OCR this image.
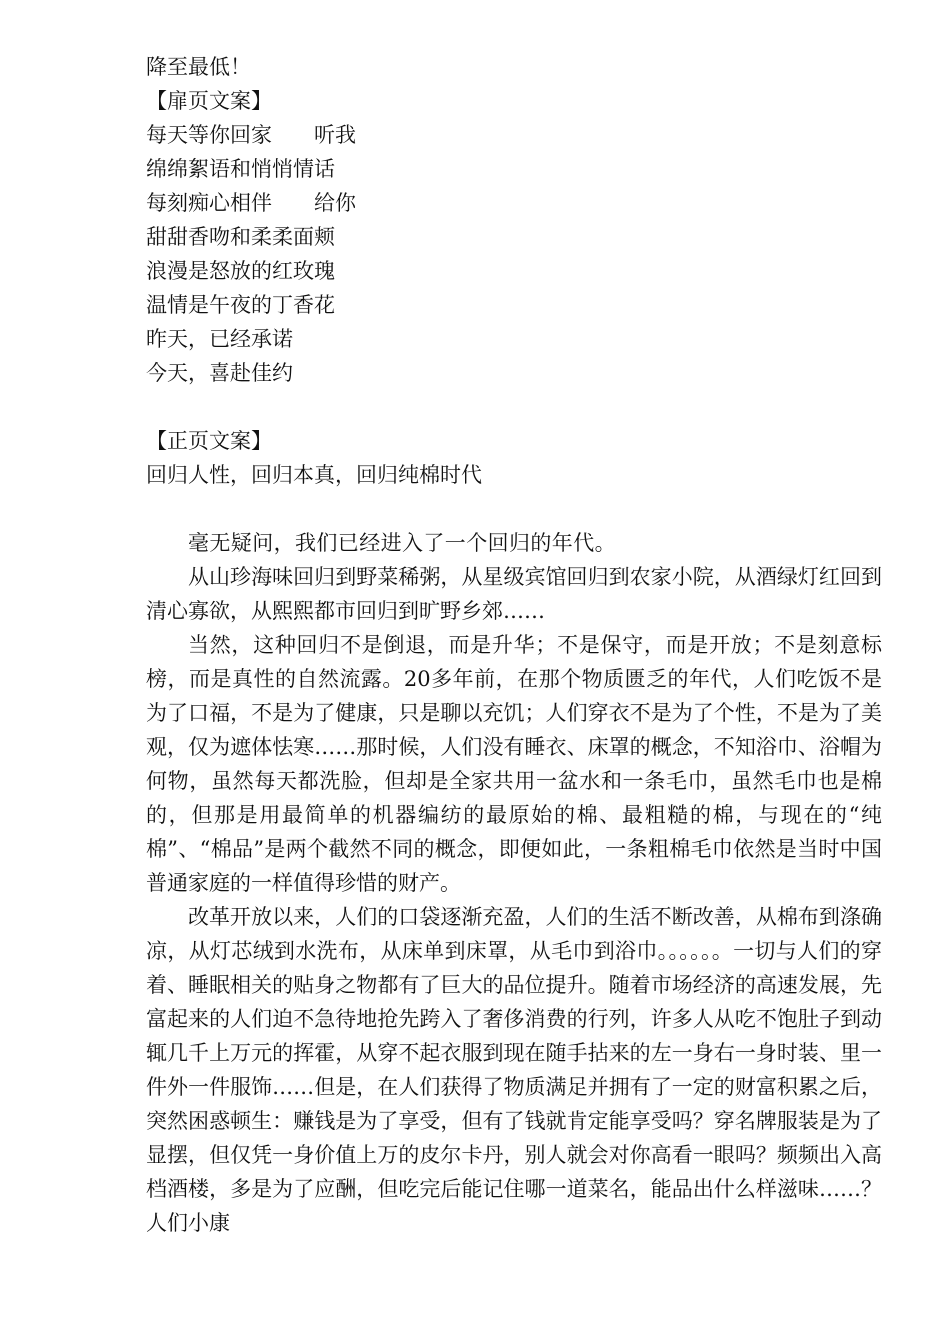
降至最低！
【扉页文案】
每天等你回家　　听我
绵绵絮语和悄悄情话
每刻痴心相伴　　给你
甜甜香吻和柔柔面颊
浪漫是怒放的红玫瑰
温情是午夜的丁香花
昨天，已经承诺
今天，喜赴佳约
【正页文案】
回归人性，回归本真，回归纯棉时代

毫无疑问，我们已经进入了一个回归的年代。

从山珍海味回归到野菜稀粥，从星级宾馆回归到农家小院，从酒绿灯红回到清心寡欲，从熙熙都市回归到旷野乡郊……

当然，这种回归不是倒退，而是升华；不是保守，而是开放；不是刻意标榜，而是真性的自然流露。20多年前，在那个物质匮乏的年代，人们吃饭不是为了口福，不是为了健康，只是聊以充饥；人们穿衣不是为了个性，不是为了美观，仅为遮体怯寒……那时候，人们没有睡衣、床罩的概念，不知浴巾、浴帽为何物，虽然每天都洗脸，但却是全家共用一盆水和一条毛巾，虽然毛巾也是棉的，但那是用最简单的机器编纺的最原始的棉、最粗糙的棉，与现在的“纯棉”、“棉品”是两个截然不同的概念，即便如此，一条粗棉毛巾依然是当时中国普通家庭的一样值得珍惜的财产。

改革开放以来，人们的口袋逐渐充盈，人们的生活不断改善，从棉布到涤确凉，从灯芯绒到水洗布，从床单到床罩，从毛巾到浴巾。。。。。。一切与人们的穿着、睡眠相关的贴身之物都有了巨大的品位提升。随着市场经济的高速发展，先富起来的人们迫不急待地抢先跨入了奢侈消费的行列，许多人从吃不饱肚子到动辄几千上万元的挥霍，从穿不起衣服到现在随手拈来的左一身右一身时装、里一件外一件服饰……但是，在人们获得了物质满足并拥有了一定的财富积累之后，突然困惑顿生：赚钱是为了享受，但有了钱就肯定能享受吗？穿名牌服装是为了显摆，但仅凭一身价值上万的皮尔卡丹，别人就会对你高看一眼吗？频频出入高档酒楼，多是为了应酬，但吃完后能记住哪一道菜名，能品出什么样滋味……？人们小康
